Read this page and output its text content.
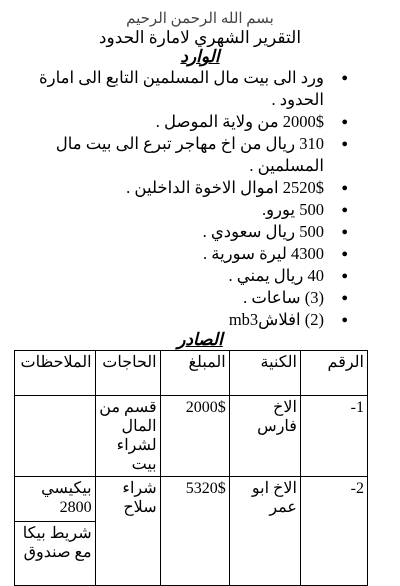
بسم الله الرحمن الرحيم
التقرير الشهري لامارة الحدود
الوارد
● ورد الى بيت مال المسلمين التابع الى امارة الحدود .
● 2000$ من ولاية الموصل .
● 310 ريال من اخ مهاجر تبرع الى بيت مال المسلمين .
● 2520$ اموال الاخوة الداخلين .
● 500 يورو.
● 500 ريال سعودي .
● 4300 ليرة سورية .
● 40 ريال يمني .
● (3) ساعات .
● (2) افلاشmb3
الصادر
الرقم	الكنية	المبلغ	الحاجات	الملاحظات
1-	الاخ فارس	2000$	قسم من المال لشراء بيت	
2-	الاخ ابو عمر	5320$	شراء سلاح	بيكيسي 2800
شريط بيكا مع صندوق
